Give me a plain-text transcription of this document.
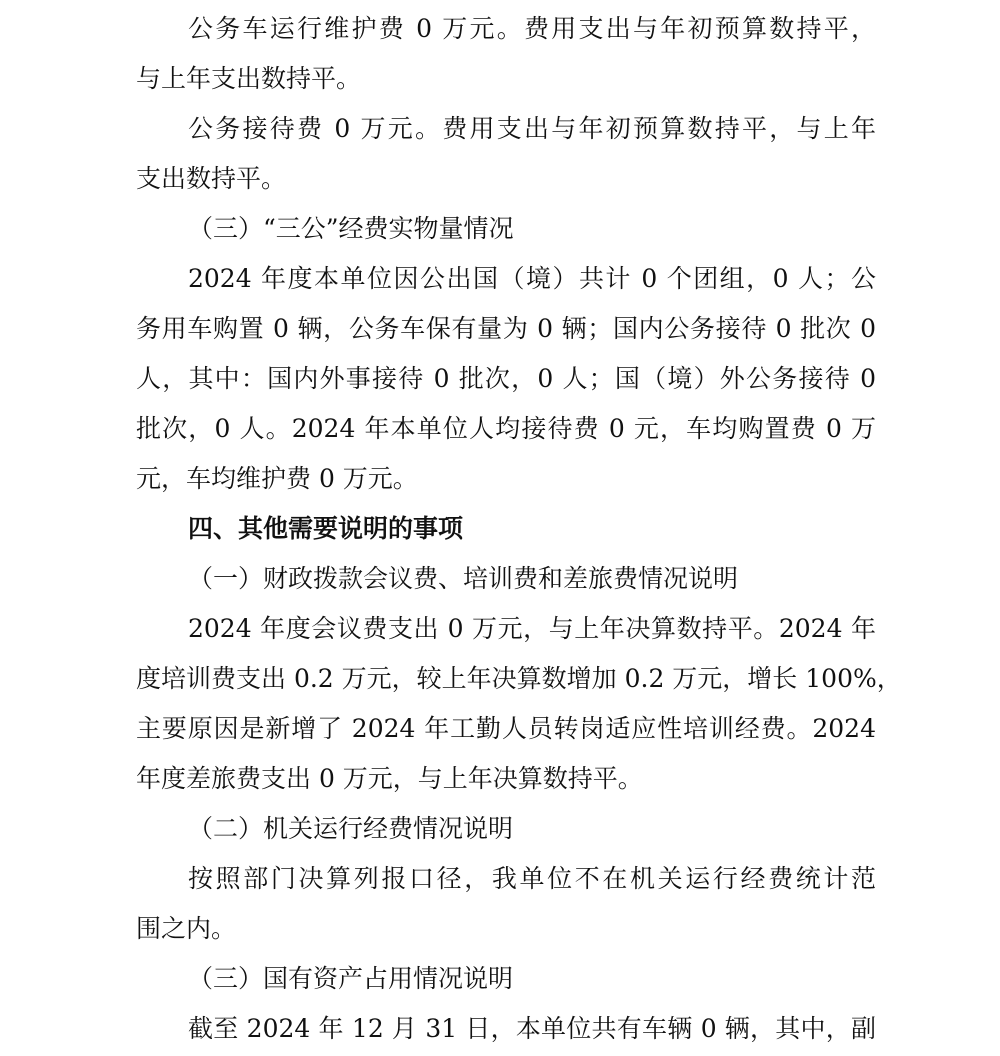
公务车运行维护费 0 万元。费用支出与年初预算数持平，
与上年支出数持平。
公务接待费 0 万元。费用支出与年初预算数持平，与上年
支出数持平。
（三）“三公”经费实物量情况
2024 年度本单位因公出国（境）共计 0 个团组，0 人；公
务用车购置 0 辆，公务车保有量为 0 辆；国内公务接待 0 批次 0
人，其中：国内外事接待 0 批次，0 人；国（境）外公务接待 0
批次，0 人。2024 年本单位人均接待费 0 元，车均购置费 0 万
元，车均维护费 0 万元。
四、其他需要说明的事项
（一）财政拨款会议费、培训费和差旅费情况说明
2024 年度会议费支出 0 万元，与上年决算数持平。2024 年
度培训费支出 0.2 万元，较上年决算数增加 0.2 万元，增长 100%，
主要原因是新增了 2024 年工勤人员转岗适应性培训经费。2024
年度差旅费支出 0 万元，与上年决算数持平。
（二）机关运行经费情况说明
按照部门决算列报口径，我单位不在机关运行经费统计范
围之内。
（三）国有资产占用情况说明
截至 2024 年 12 月 31 日，本单位共有车辆 0 辆，其中，副
